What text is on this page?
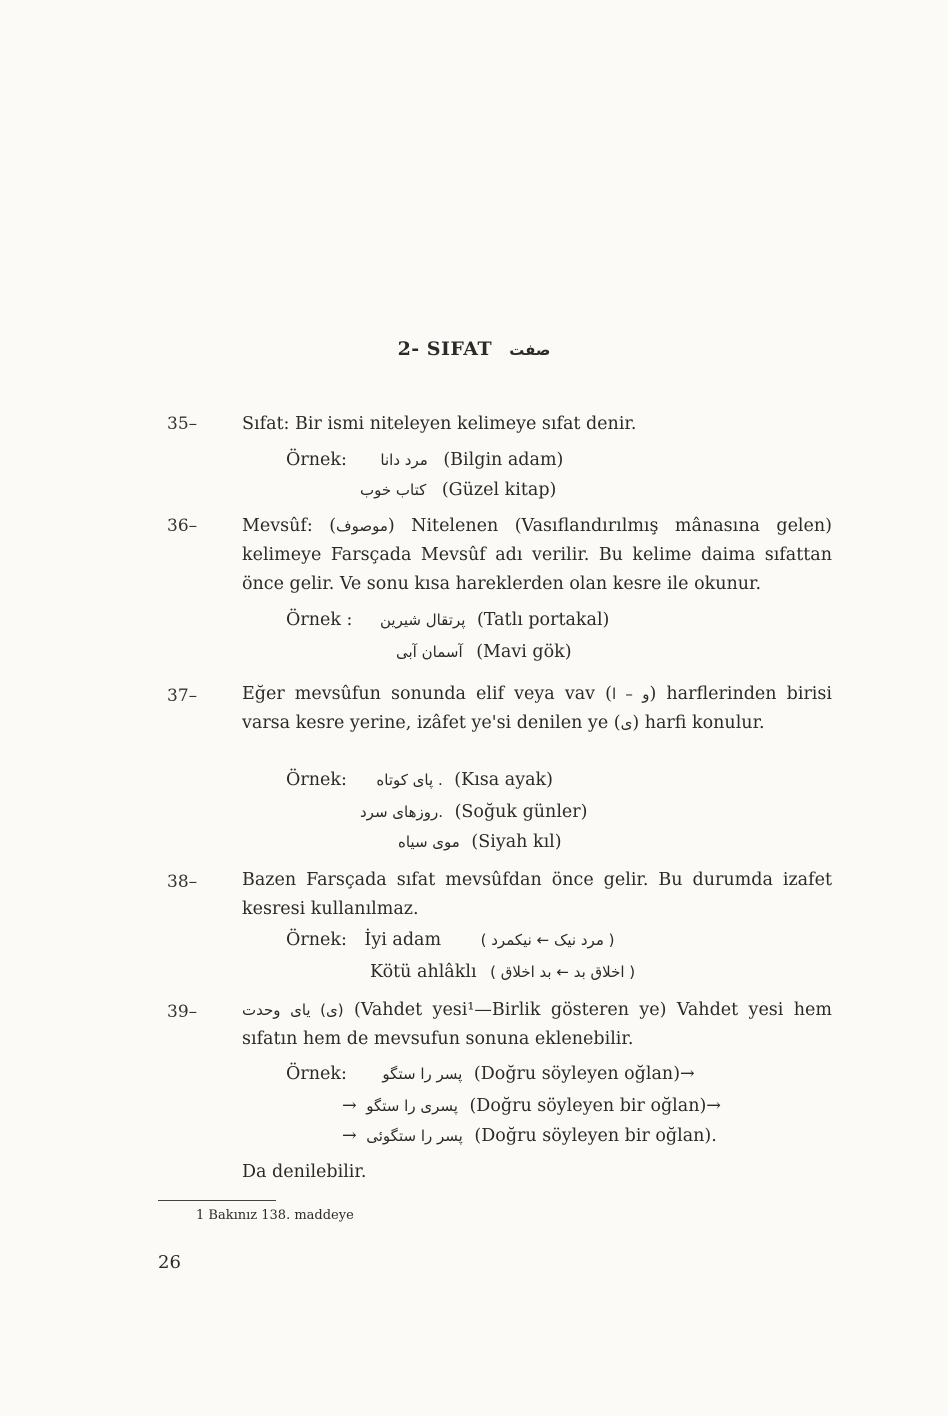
2- SIFAT صفت
35–	Sıfat: Bir ismi niteleyen kelimeye sıfat denir.
Örnek: مرد دانا (Bilgin adam)
كتاب خوب (Güzel kitap)
36–	Mevsûf: (موصوف) Nitelenen (Vasıflandırılmış mânasına gelen) kelimeye Farsçada Mevsûf adı verilir. Bu kelime daima sıfattan önce gelir. Ve sonu kısa hareklerden olan kesre ile okunur.
Örnek : پرتقال شيرين (Tatlı portakal)
آسمان آبی (Mavi gök)
37–	Eğer mevsûfun sonunda elif veya vav (و – ا) harflerinden birisi varsa kesre yerine, izâfet ye'si denilen ye (ى) harfi konulur.
Örnek: . پای کوتاه (Kısa ayak)
.روزهای سرد (Soğuk günler)
موی سیاه (Siyah kıl)
38–	Bazen Farsçada sıfat mevsûfdan önce gelir. Bu durumda izafet kesresi kullanılmaz.
Örnek: İyi adam	( مرد نیک ← نیکمرد )
Kötü ahlâklı ( اخلاق بد ← بد اخلاق )
39–	(ى) یای وحدت (Vahdet yesi¹—Birlik gösteren ye) Vahdet yesi hem sıfatın hem de mevsufun sonuna eklenebilir.
Örnek: پسر را ستگو (Doğru söyleyen oğlan)→
→ پسری را ستگو (Doğru söyleyen bir oğlan)→
→ پسر را ستگوئی (Doğru söyleyen bir oğlan).
Da denilebilir.
1 Bakınız 138. maddeye
26
